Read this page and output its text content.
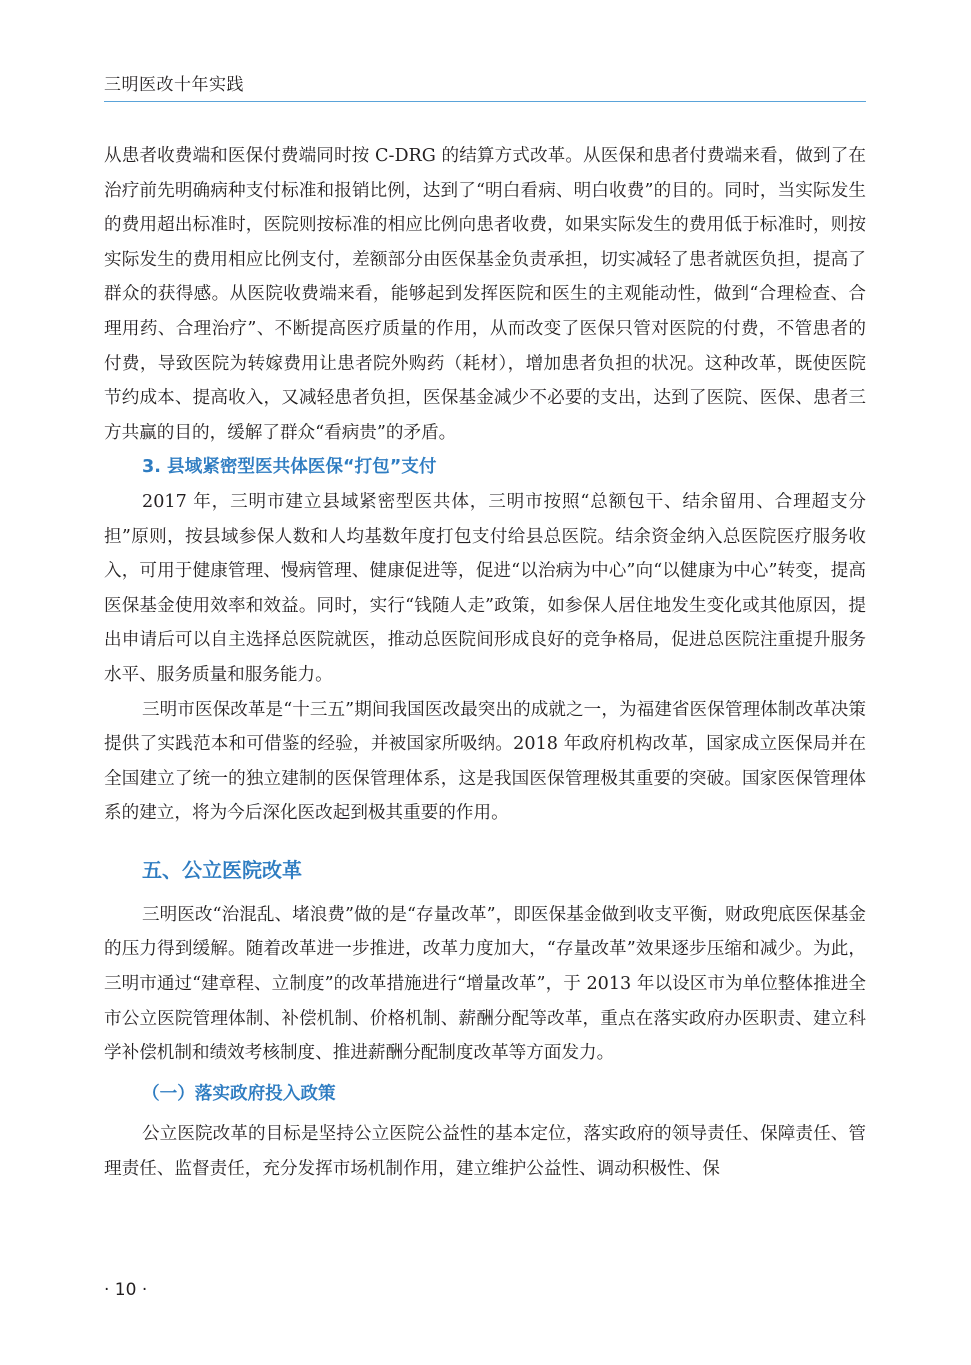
三明医改十年实践

从患者收费端和医保付费端同时按 C-DRG 的结算方式改革。从医保和患者付费端来看，做到了在治疗前先明确病种支付标准和报销比例，达到了“明白看病、明白收费”的目的。同时，当实际发生的费用超出标准时，医院则按标准的相应比例向患者收费，如果实际发生的费用低于标准时，则按实际发生的费用相应比例支付，差额部分由医保基金负责承担，切实减轻了患者就医负担，提高了群众的获得感。从医院收费端来看，能够起到发挥医院和医生的主观能动性，做到“合理检查、合理用药、合理治疗”、不断提高医疗质量的作用，从而改变了医保只管对医院的付费，不管患者的付费，导致医院为转嫁费用让患者院外购药（耗材），增加患者负担的状况。这种改革，既使医院节约成本、提高收入，又减轻患者负担，医保基金减少不必要的支出，达到了医院、医保、患者三方共赢的目的，缓解了群众“看病贵”的矛盾。

3. 县域紧密型医共体医保“打包”支付

2017 年，三明市建立县域紧密型医共体，三明市按照“总额包干、结余留用、合理超支分担”原则，按县域参保人数和人均基数年度打包支付给县总医院。结余资金纳入总医院医疗服务收入，可用于健康管理、慢病管理、健康促进等，促进“以治病为中心”向“以健康为中心”转变，提高医保基金使用效率和效益。同时，实行“钱随人走”政策，如参保人居住地发生变化或其他原因，提出申请后可以自主选择总医院就医，推动总医院间形成良好的竞争格局，促进总医院注重提升服务水平、服务质量和服务能力。

三明市医保改革是“十三五”期间我国医改最突出的成就之一，为福建省医保管理体制改革决策提供了实践范本和可借鉴的经验，并被国家所吸纳。2018 年政府机构改革，国家成立医保局并在全国建立了统一的独立建制的医保管理体系，这是我国医保管理极其重要的突破。国家医保管理体系的建立，将为今后深化医改起到极其重要的作用。

五、公立医院改革

三明医改“治混乱、堵浪费”做的是“存量改革”，即医保基金做到收支平衡，财政兜底医保基金的压力得到缓解。随着改革进一步推进，改革力度加大，“存量改革”效果逐步压缩和减少。为此，三明市通过“建章程、立制度”的改革措施进行“增量改革”，于 2013 年以设区市为单位整体推进全市公立医院管理体制、补偿机制、价格机制、薪酬分配等改革，重点在落实政府办医职责、建立科学补偿机制和绩效考核制度、推进薪酬分配制度改革等方面发力。

（一）落实政府投入政策

公立医院改革的目标是坚持公立医院公益性的基本定位，落实政府的领导责任、保障责任、管理责任、监督责任，充分发挥市场机制作用，建立维护公益性、调动积极性、保

· 10 ·
